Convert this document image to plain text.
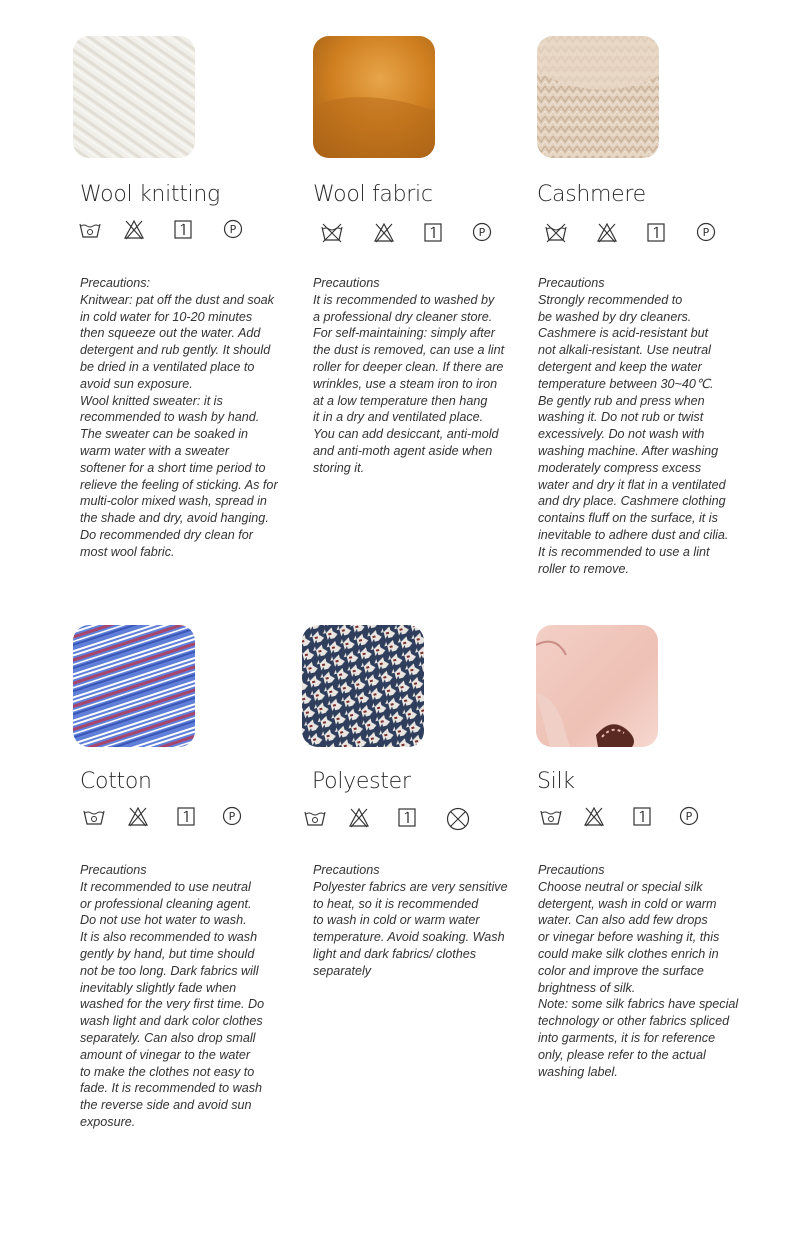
Wool knitting
P
Precautions:
Knitwear: pat off the dust and soak
in cold water for 10-20 minutes
then squeeze out the water. Add
detergent and rub gently. It should
be dried in a ventilated place to
avoid sun exposure.
Wool knitted sweater: it is
recommended to wash by hand.
The sweater can be soaked in
warm water with a sweater
softener for a short time period to
relieve the feeling of sticking. As for
multi-color mixed wash, spread in
the shade and dry, avoid hanging.
Do recommended dry clean for
most wool fabric.
Wool fabric
P
Precautions
It is recommended to washed by
a professional dry cleaner store.
For self-maintaining: simply after
the dust is removed, can use a lint
roller for deeper clean. If there are
wrinkles, use a steam iron to iron
at a low temperature then hang
it in a dry and ventilated place.
You can add desiccant, anti-mold
and anti-moth agent aside when
storing it.
Cashmere
P
Precautions
Strongly recommended to
be washed by dry cleaners.
Cashmere is acid-resistant but
not alkali-resistant. Use neutral
detergent and keep the water
temperature between 30~40℃.
Be gently rub and press when
washing it. Do not rub or twist
excessively. Do not wash with
washing machine. After washing
moderately compress excess
water and dry it flat in a ventilated
and dry place. Cashmere clothing
contains fluff on the surface, it is
inevitable to adhere dust and cilia.
It is recommended to use a lint
roller to remove.
Cotton
P
Precautions
It recommended to use neutral
or professional cleaning agent.
Do not use hot water to wash.
It is also recommended to wash
gently by hand, but time should
not be too long. Dark fabrics will
inevitably slightly fade when
washed for the very first time. Do
wash light and dark color clothes
separately. Can also drop small
amount of vinegar to the water
to make the clothes not easy to
fade. It is recommended to wash
the reverse side and avoid sun
exposure.
Polyester
Precautions
Polyester fabrics are very sensitive
to heat, so it is recommended
to wash in cold or warm water
temperature. Avoid soaking. Wash
light and dark fabrics/ clothes
separately
Silk
P
Precautions
Choose neutral or special silk
detergent, wash in cold or warm
water. Can also add few drops
or vinegar before washing it, this
could make silk clothes enrich in
color and improve the surface
brightness of silk.
Note: some silk fabrics have special
technology or other fabrics spliced
into garments, it is for reference
only, please refer to the actual
washing label.
